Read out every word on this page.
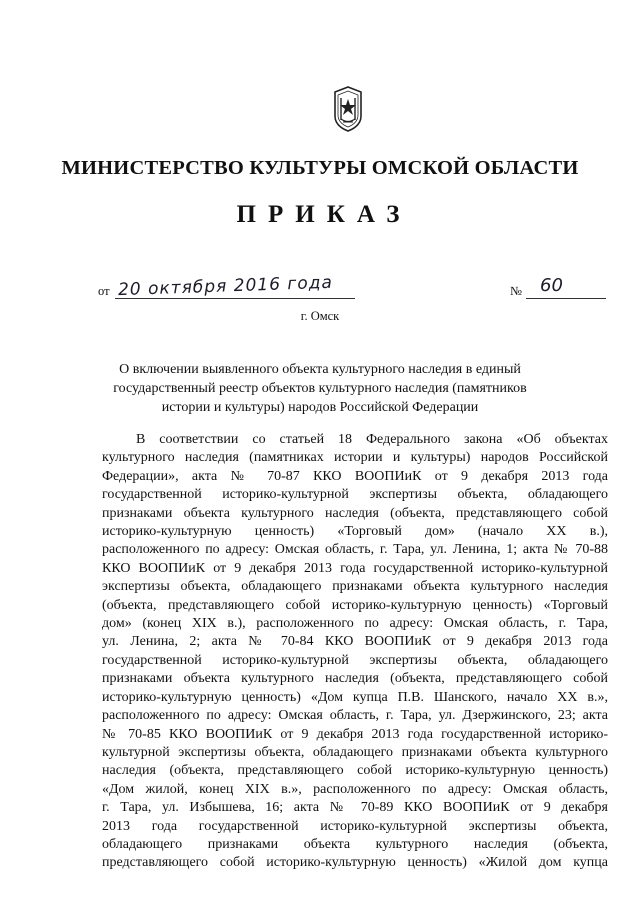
МИНИСТЕРСТВО КУЛЬТУРЫ ОМСКОЙ ОБЛАСТИ
ПРИКАЗ
от 20 октября 2016 года	№ 60
г. Омск
О включении выявленного объекта культурного наследия в единый
государственный реестр объектов культурного наследия (памятников
истории и культуры) народов Российской Федерации
В соответствии со статьей 18 Федерального закона «Об объектах
культурного наследия (памятниках истории и культуры) народов Российской
Федерации», акта № 70-87 ККО ВООПИиК от 9 декабря 2013 года
государственной историко-культурной экспертизы объекта, обладающего
признаками объекта культурного наследия (объекта, представляющего собой
историко-культурную ценность) «Торговый дом» (начало XX в.),
расположенного по адресу: Омская область, г. Тара, ул. Ленина, 1; акта № 70-88
ККО ВООПИиК от 9 декабря 2013 года государственной историко-культурной
экспертизы объекта, обладающего признаками объекта культурного наследия
(объекта, представляющего собой историко-культурную ценность) «Торговый
дом» (конец XIX в.), расположенного по адресу: Омская область, г. Тара,
ул. Ленина, 2; акта № 70-84 ККО ВООПИиК от 9 декабря 2013 года
государственной историко-культурной экспертизы объекта, обладающего
признаками объекта культурного наследия (объекта, представляющего собой
историко-культурную ценность) «Дом купца П.В. Шанского, начало XX в.»,
расположенного по адресу: Омская область, г. Тара, ул. Дзержинского, 23; акта
№ 70-85 ККО ВООПИиК от 9 декабря 2013 года государственной историко-
культурной экспертизы объекта, обладающего признаками объекта культурного
наследия (объекта, представляющего собой историко-культурную ценность)
«Дом жилой, конец XIX в.», расположенного по адресу: Омская область,
г. Тара, ул. Избышева, 16; акта № 70-89 ККО ВООПИиК от 9 декабря
2013 года государственной историко-культурной экспертизы объекта,
обладающего признаками объекта культурного наследия (объекта,
представляющего собой историко-культурную ценность) «Жилой дом купца
